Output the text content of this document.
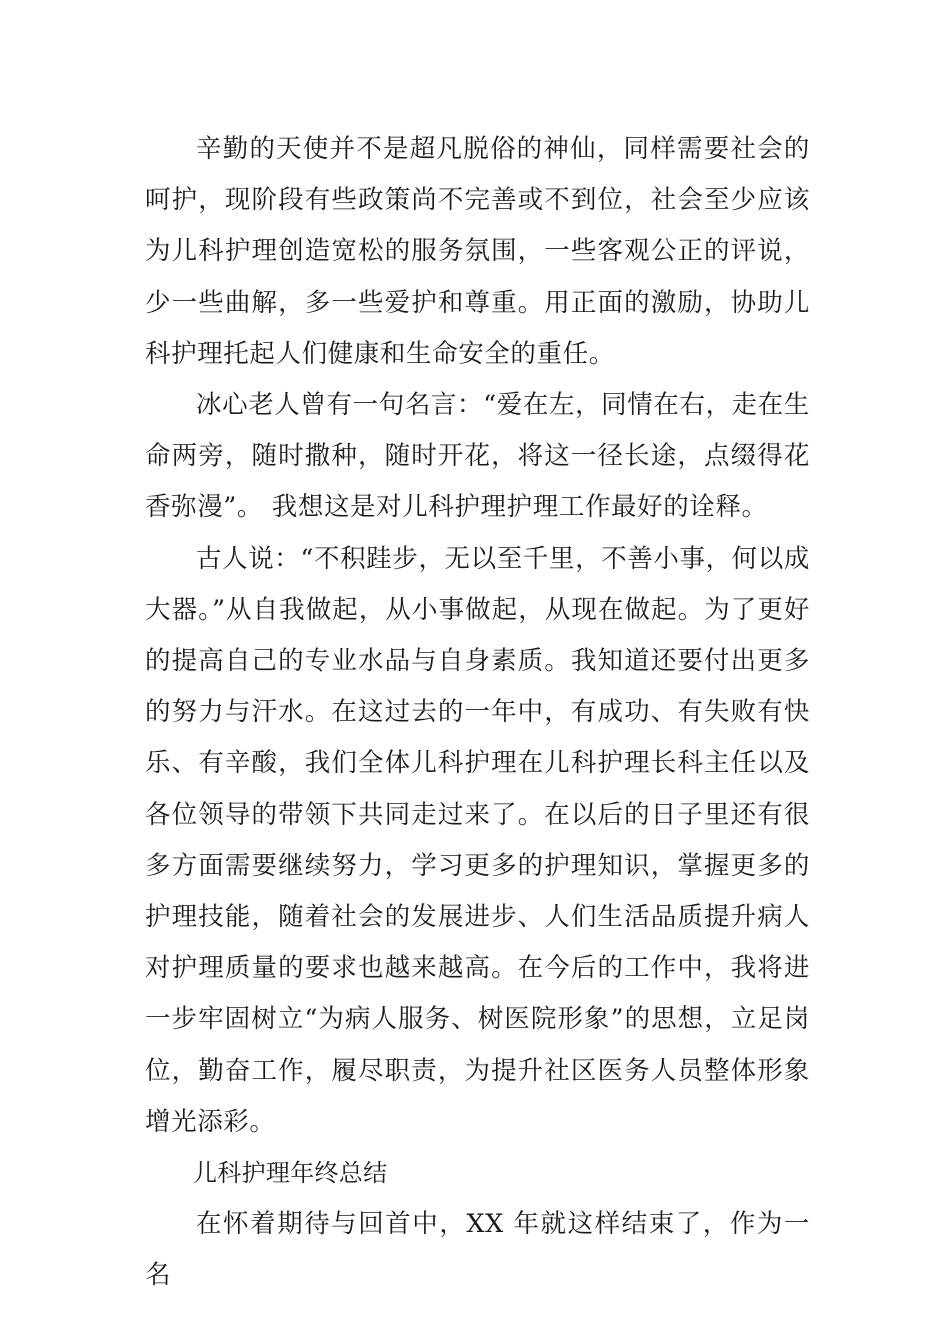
辛勤的天使并不是超凡脱俗的神仙，同样需要社会的呵护，现阶段有些政策尚不完善或不到位，社会至少应该为儿科护理创造宽松的服务氛围，一些客观公正的评说，少一些曲解，多一些爱护和尊重。用正面的激励，协助儿科护理托起人们健康和生命安全的重任。

冰心老人曾有一句名言：“爱在左，同情在右，走在生命两旁，随时撒种，随时开花，将这一径长途，点缀得花香弥漫”。 我想这是对儿科护理护理工作最好的诠释。

古人说：“不积跬步，无以至千里，不善小事，何以成大器。”从自我做起，从小事做起，从现在做起。为了更好的提高自己的专业水品与自身素质。我知道还要付出更多的努力与汗水。在这过去的一年中，有成功、有失败有快乐、有辛酸，我们全体儿科护理在儿科护理长科主任以及各位领导的带领下共同走过来了。在以后的日子里还有很多方面需要继续努力，学习更多的护理知识，掌握更多的护理技能，随着社会的发展进步、人们生活品质提升病人对护理质量的要求也越来越高。在今后的工作中，我将进一步牢固树立“为病人服务、树医院形象”的思想，立足岗位，勤奋工作，履尽职责，为提升社区医务人员整体形象增光添彩。

儿科护理年终总结

在怀着期待与回首中，XX 年就这样结束了，作为一名
